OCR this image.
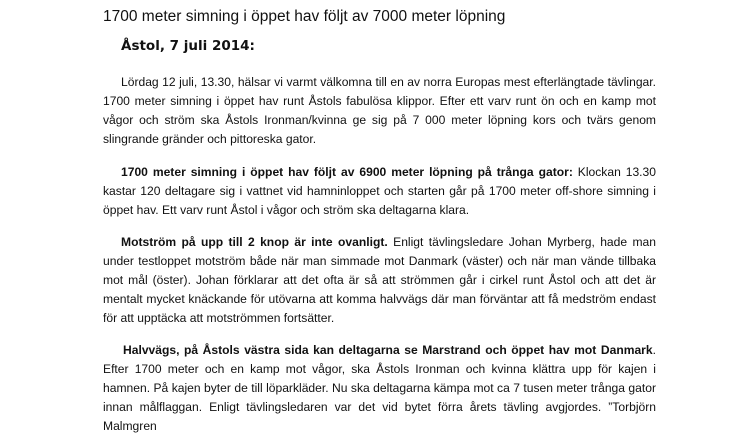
1700 meter simning i öppet hav följt av 7000 meter löpning
Åstol, 7 juli 2014:

Lördag 12 juli, 13.30, hälsar vi varmt välkomna till en av norra Europas mest efterlängtade tävlingar. 1700 meter simning i öppet hav runt Åstols fabulösa klippor. Efter ett varv runt ön och en kamp mot vågor och ström ska Åstols Ironman/kvinna ge sig på 7 000 meter löpning kors och tvärs genom slingrande gränder och pittoreska gator.

1700 meter simning i öppet hav följt av 6900 meter löpning på trånga gator: Klockan 13.30 kastar 120 deltagare sig i vattnet vid hamninloppet och starten går på 1700 meter off-shore simning i öppet hav. Ett varv runt Åstol i vågor och ström ska deltagarna klara.

Motström på upp till 2 knop är inte ovanligt. Enligt tävlingsledare Johan Myrberg, hade man under testloppet motström både när man simmade mot Danmark (väster) och när man vände tillbaka mot mål (öster). Johan förklarar att det ofta är så att strömmen går i cirkel runt Åstol och att det är mentalt mycket knäckande för utövarna att komma halvvägs där man förväntar att få medström endast för att upptäcka att motströmmen fortsätter.

Halvvägs, på Åstols västra sida kan deltagarna se Marstrand och öppet hav mot Danmark. Efter 1700 meter och en kamp mot vågor, ska Åstols Ironman och kvinna klättra upp för kajen i hamnen. På kajen byter de till löparkläder. Nu ska deltagarna kämpa mot ca 7 tusen meter trånga gator innan målflaggan. Enligt tävlingsledaren var det vid bytet förra årets tävling avgjordes. ”Torbjörn Malmgren
